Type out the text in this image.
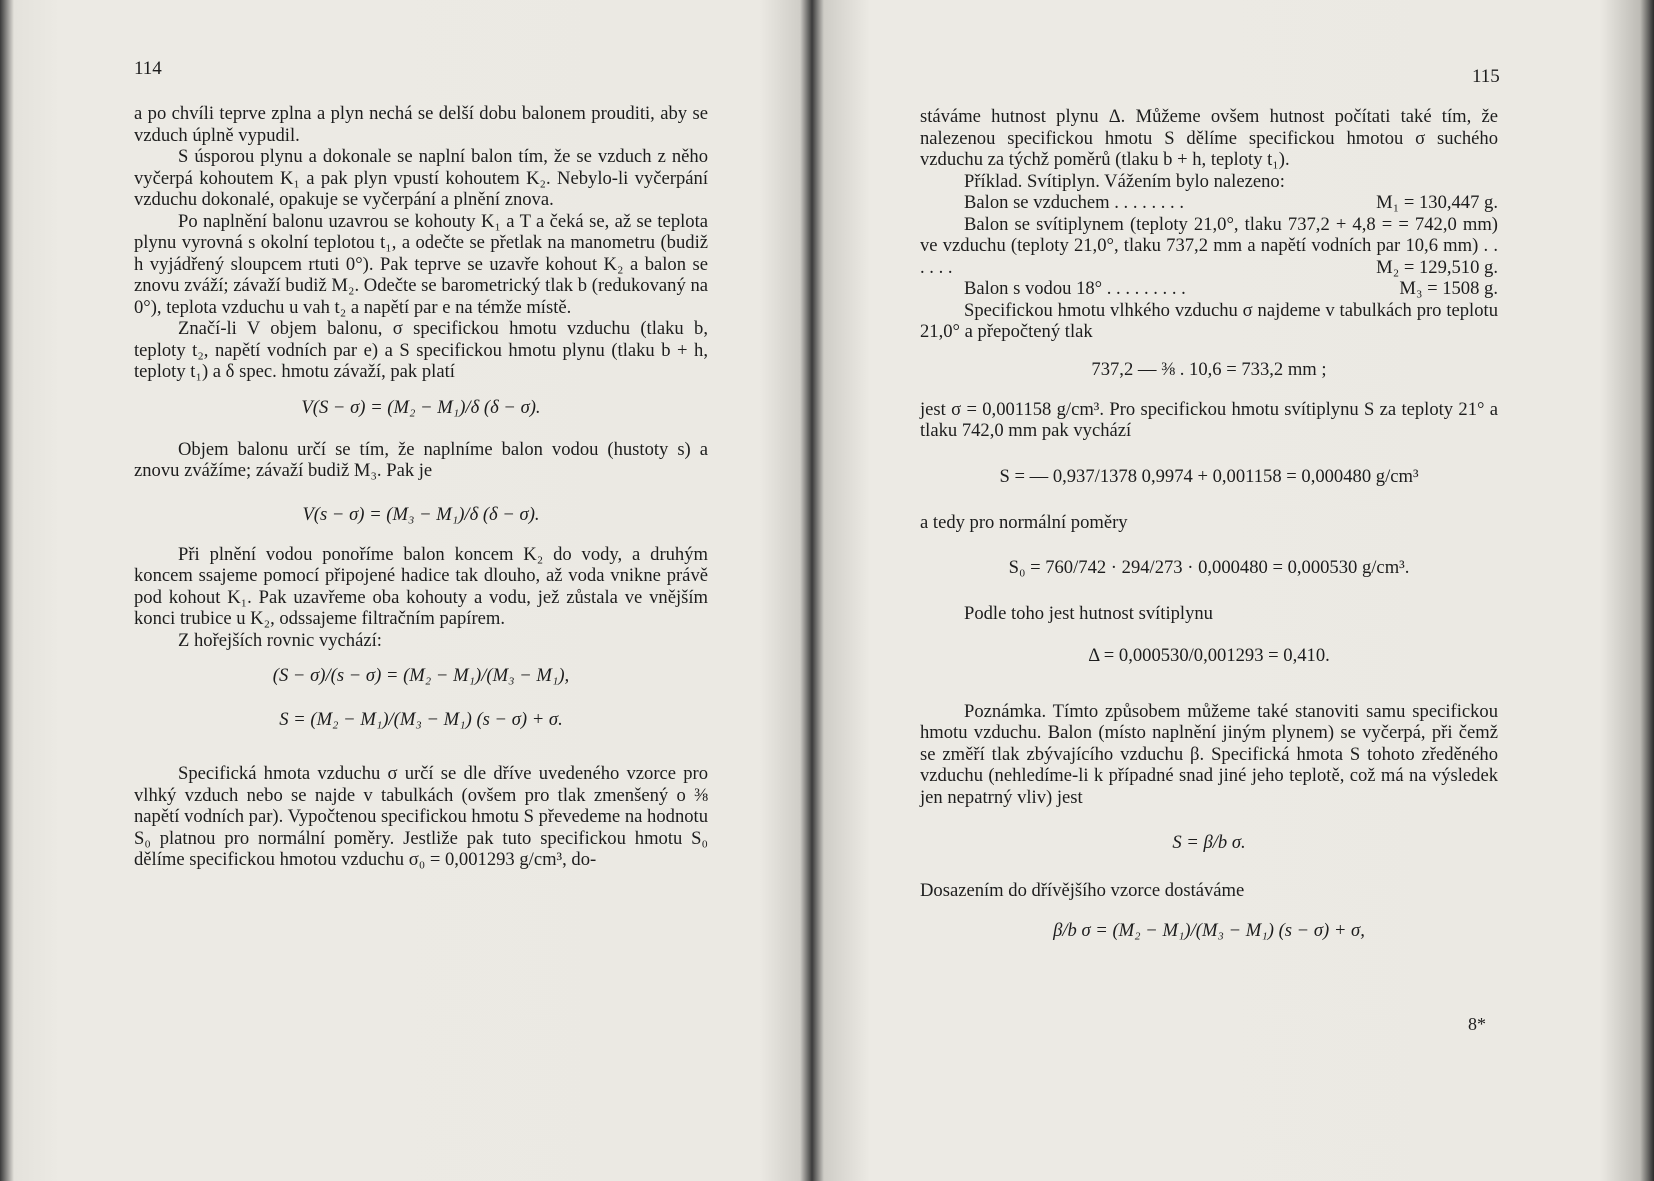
114

a po chvíli teprve zplna a plyn nechá se delší dobu balonem prouditi, aby se vzduch úplně vypudil.

S úsporou plynu a dokonale se naplní balon tím, že se vzduch z něho vyčerpá kohoutem K₁ a pak plyn vpustí kohoutem K₂. Nebylo-li vyčerpání vzduchu dokonalé, opakuje se vyčerpání a plnění znova.

Po naplnění balonu uzavrou se kohouty K₁ a T a čeká se, až se teplota plynu vyrovná s okolní teplotou t₁, a odečte se přetlak na manometru (budiž h vyjádřený sloupcem rtuti 0°). Pak teprve se uzavře kohout K₂ a balon se znovu zváží; závaží budiž M₂. Odečte se barometrický tlak b (redukovaný na 0°), teplota vzduchu u vah t₂ a napětí par e na témže místě.

Značí-li V objem balonu, σ specifickou hmotu vzduchu (tlaku b, teploty t₂, napětí vodních par e) a S specifickou hmotu plynu (tlaku b + h, teploty t₁) a δ spec. hmotu závaží, pak platí

V(S − σ) = (M₂ − M₁)/δ (δ − σ).

Objem balonu určí se tím, že naplníme balon vodou (hustoty s) a znovu zvážíme; závaží budiž M₃. Pak je

V(s − σ) = (M₃ − M₁)/δ (δ − σ).

Při plnění vodou ponoříme balon koncem K₂ do vody, a druhým koncem ssajeme pomocí připojené hadice tak dlouho, až voda vnikne právě pod kohout K₁. Pak uzavřeme oba kohouty a vodu, jež zůstala ve vnějším konci trubice u K₂, odssajeme filtračním papírem.

Z hořejších rovnic vychází:

(S − σ)/(s − σ) = (M₂ − M₁)/(M₃ − M₁),
S = (M₂ − M₁)/(M₃ − M₁) (s − σ) + σ.

Specifická hmota vzduchu σ určí se dle dříve uvedeného vzorce pro vlhký vzduch nebo se najde v tabulkách (ovšem pro tlak zmenšený o ⅜ napětí vodních par). Vypočtenou specifickou hmotu S převedeme na hodnotu S₀ platnou pro normální poměry. Jestliže pak tuto specifickou hmotu S₀ dělíme specifickou hmotou vzduchu σ₀ = 0,001293 g/cm³, do-

115

stáváme hutnost plynu Δ. Můžeme ovšem hutnost počítati také tím, že nalezenou specifickou hmotu S dělíme specifickou hmotou σ suchého vzduchu za týchž poměrů (tlaku b + h, teploty t₁).

Příklad. Svítiplyn. Vážením bylo nalezeno:

Balon se vzduchem . . . . . . . .	M₁ = 130,447 g.
Balon se svítiplynem (teploty 21,0°, tlaku 737,2 + 4,8 = = 742,0 mm) ve vzduchu (teploty 21,0°, tlaku 737,2 mm a napětí vodních par 10,6 mm) . . . . . .	M₂ = 129,510 g.
Balon s vodou 18° . . . . . . . . .	M₃ = 1508 g.

Specifickou hmotu vlhkého vzduchu σ najdeme v tabulkách pro teplotu 21,0° a přepočtený tlak

737,2 — ⅜ . 10,6 = 733,2 mm ;

jest σ = 0,001158 g/cm³. Pro specifickou hmotu svítiplynu S za teploty 21° a tlaku 742,0 mm pak vychází

S = — 0,937/1378 0,9974 + 0,001158 = 0,000480 g/cm³

a tedy pro normální poměry

S₀ = 760/742 · 294/273 · 0,000480 = 0,000530 g/cm³.

Podle toho jest hutnost svítiplynu

Δ = 0,000530/0,001293 = 0,410.

Poznámka. Tímto způsobem můžeme také stanoviti samu specifickou hmotu vzduchu. Balon (místo naplnění jiným plynem) se vyčerpá, při čemž se změří tlak zbývajícího vzduchu β. Specifická hmota S tohoto zředěného vzduchu (nehledíme-li k případné snad jiné jeho teplotě, což má na výsledek jen nepatrný vliv) jest

S = β/b σ.

Dosazením do dřívějšího vzorce dostáváme

β/b σ = (M₂ − M₁)/(M₃ − M₁) (s − σ) + σ,
8*
